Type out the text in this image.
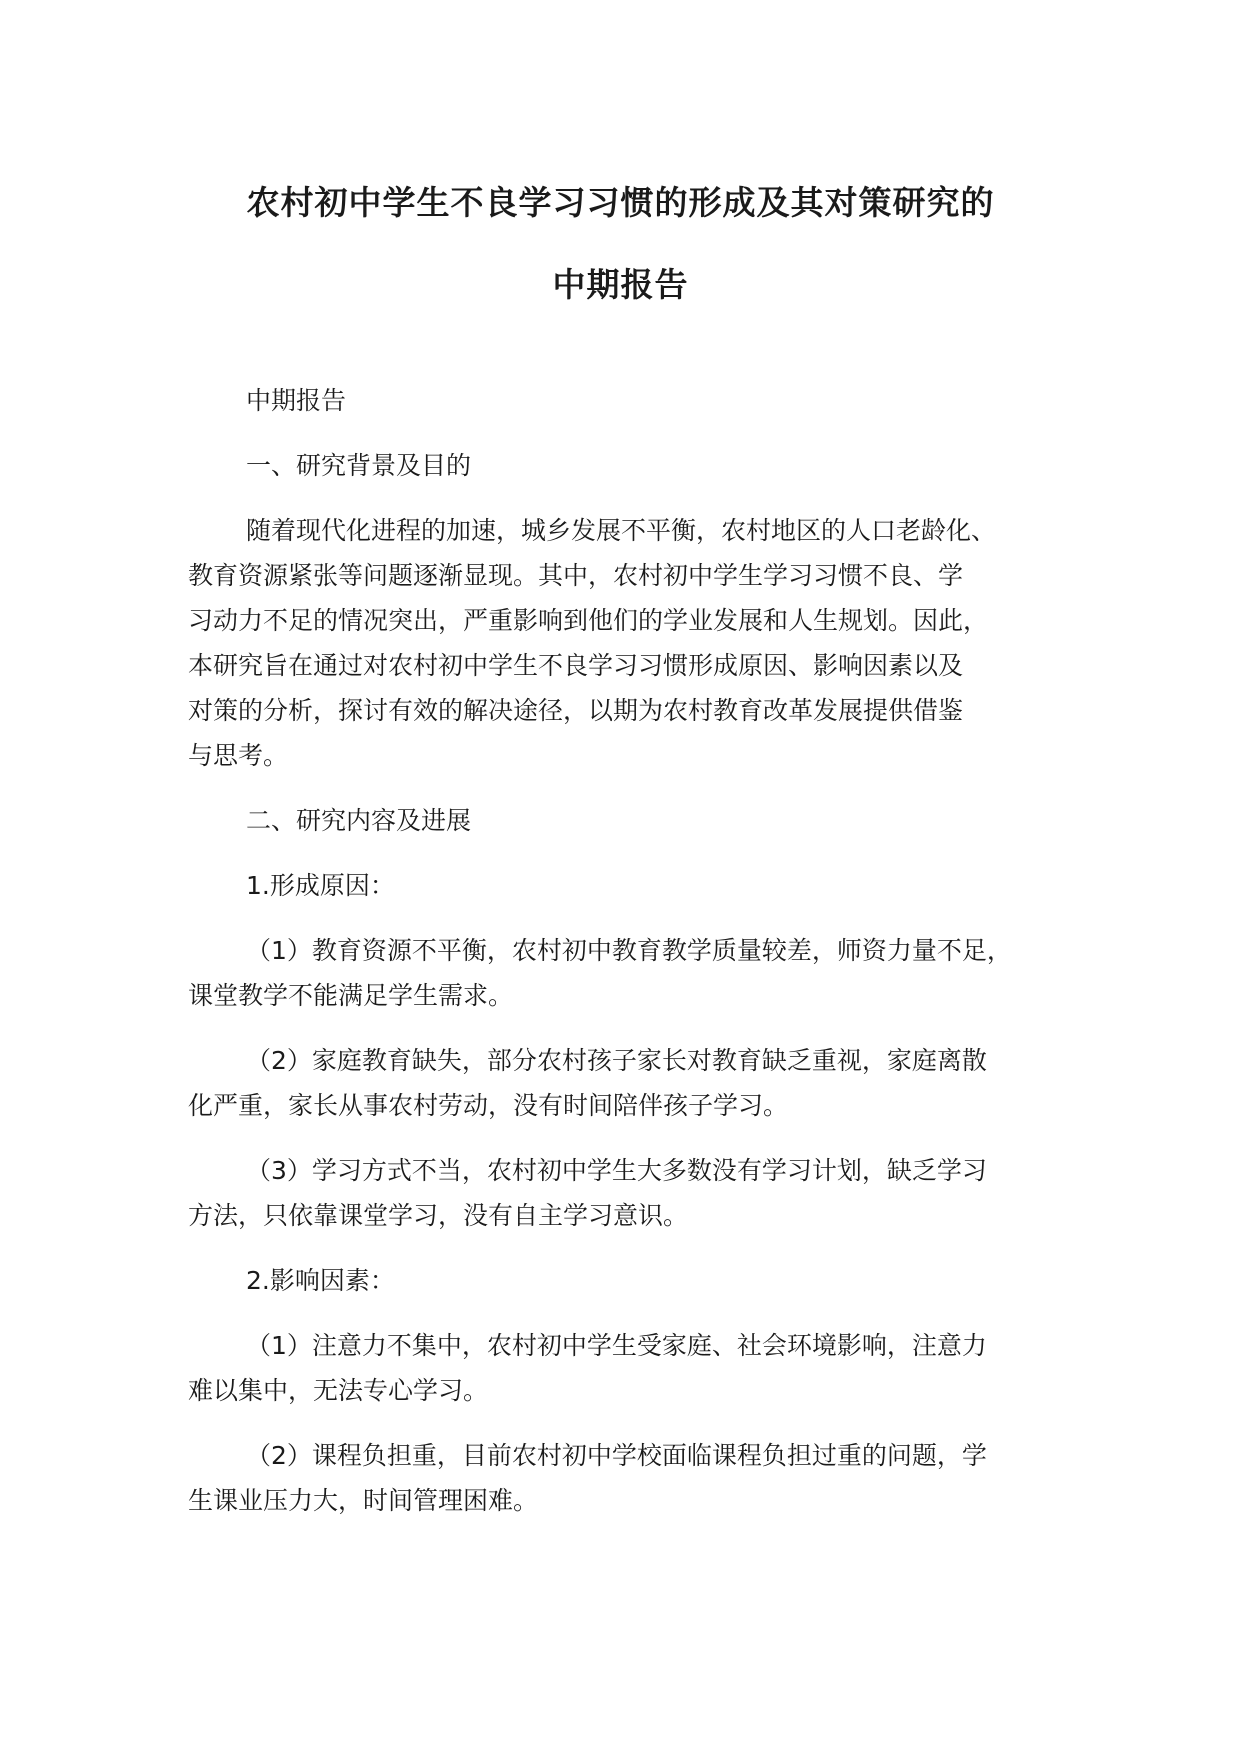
农村初中学生不良学习习惯的形成及其对策研究的
中期报告

中期报告

一、研究背景及目的

随着现代化进程的加速，城乡发展不平衡，农村地区的人口老龄化、
教育资源紧张等问题逐渐显现。其中，农村初中学生学习习惯不良、学
习动力不足的情况突出，严重影响到他们的学业发展和人生规划。因此，
本研究旨在通过对农村初中学生不良学习习惯形成原因、影响因素以及
对策的分析，探讨有效的解决途径，以期为农村教育改革发展提供借鉴
与思考。

二、研究内容及进展

1.形成原因：

（1）教育资源不平衡，农村初中教育教学质量较差，师资力量不足，
课堂教学不能满足学生需求。

（2）家庭教育缺失，部分农村孩子家长对教育缺乏重视，家庭离散
化严重，家长从事农村劳动，没有时间陪伴孩子学习。

（3）学习方式不当，农村初中学生大多数没有学习计划，缺乏学习
方法，只依靠课堂学习，没有自主学习意识。

2.影响因素：

（1）注意力不集中，农村初中学生受家庭、社会环境影响，注意力
难以集中，无法专心学习。

（2）课程负担重，目前农村初中学校面临课程负担过重的问题，学
生课业压力大，时间管理困难。
